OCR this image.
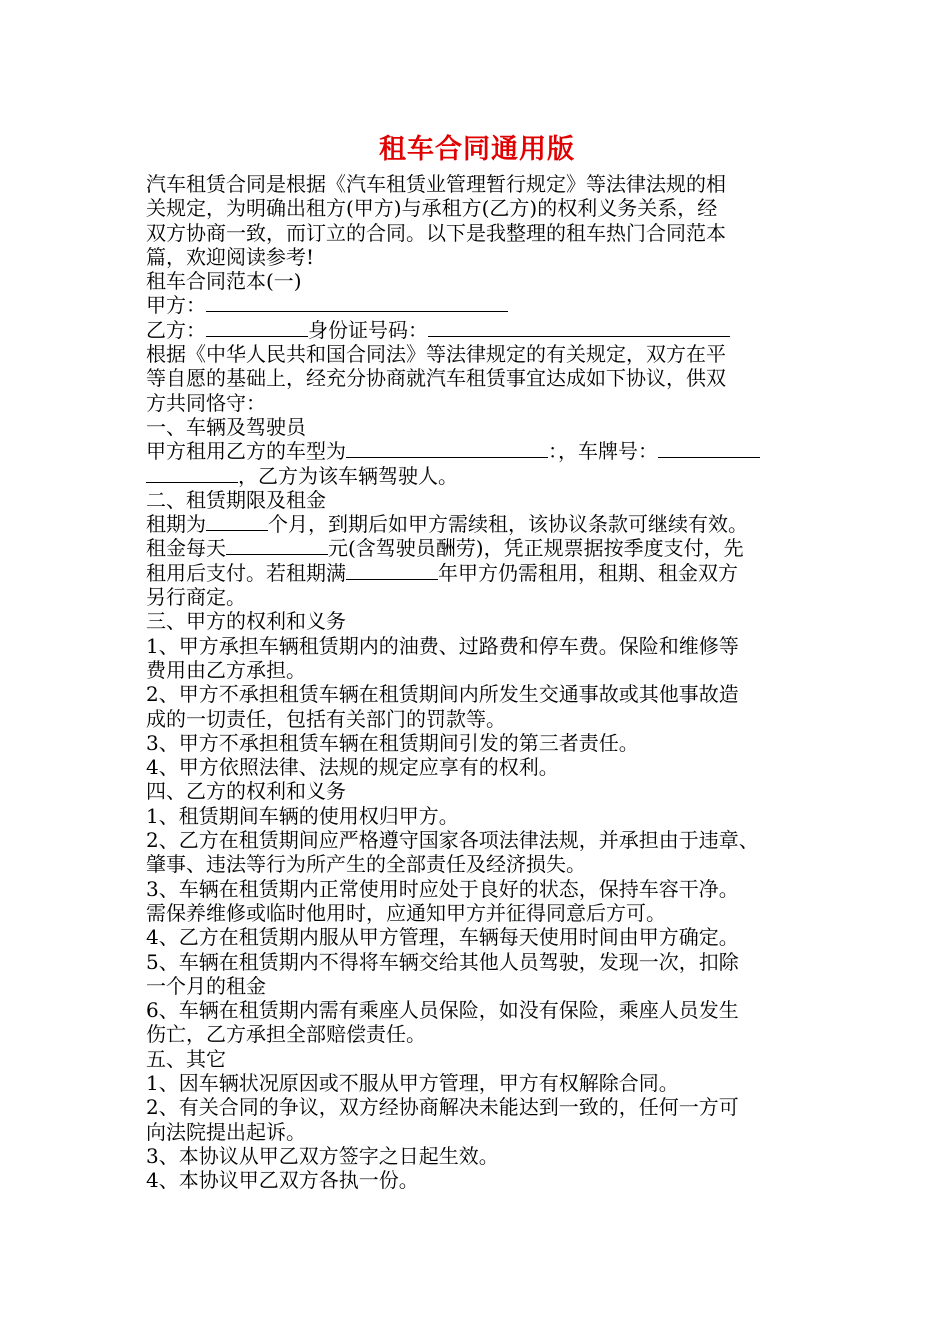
租车合同通用版
汽车租赁合同是根据《汽车租赁业管理暂行规定》等法律法规的相
关规定，为明确出租方(甲方)与承租方(乙方)的权利义务关系，经
双方协商一致，而订立的合同。以下是我整理的租车热门合同范本
篇，欢迎阅读参考!
租车合同范本(一)
甲方：
乙方：	身份证号码：
根据《中华人民共和国合同法》等法律规定的有关规定，双方在平
等自愿的基础上，经充分协商就汽车租赁事宜达成如下协议，供双
方共同恪守：
一、车辆及驾驶员
甲方租用乙方的车型为	：，车牌号：
，乙方为该车辆驾驶人。
二、租赁期限及租金
租期为	个月，到期后如甲方需续租，该协议条款可继续有效。
租金每天	元(含驾驶员酬劳)，凭正规票据按季度支付，先
租用后支付。若租期满	年甲方仍需租用，租期、租金双方
另行商定。
三、甲方的权利和义务
1、甲方承担车辆租赁期内的油费、过路费和停车费。保险和维修等
费用由乙方承担。
2、甲方不承担租赁车辆在租赁期间内所发生交通事故或其他事故造
成的一切责任，包括有关部门的罚款等。
3、甲方不承担租赁车辆在租赁期间引发的第三者责任。
4、甲方依照法律、法规的规定应享有的权利。
四、乙方的权利和义务
1、租赁期间车辆的使用权归甲方。
2、乙方在租赁期间应严格遵守国家各项法律法规，并承担由于违章、
肇事、违法等行为所产生的全部责任及经济损失。
3、车辆在租赁期内正常使用时应处于良好的状态，保持车容干净。
需保养维修或临时他用时，应通知甲方并征得同意后方可。
4、乙方在租赁期内服从甲方管理，车辆每天使用时间由甲方确定。
5、车辆在租赁期内不得将车辆交给其他人员驾驶，发现一次，扣除
一个月的租金
6、车辆在租赁期内需有乘座人员保险，如没有保险，乘座人员发生
伤亡，乙方承担全部赔偿责任。
五、其它
1、因车辆状况原因或不服从甲方管理，甲方有权解除合同。
2、有关合同的争议，双方经协商解决未能达到一致的，任何一方可
向法院提出起诉。
3、本协议从甲乙双方签字之日起生效。
4、本协议甲乙双方各执一份。
